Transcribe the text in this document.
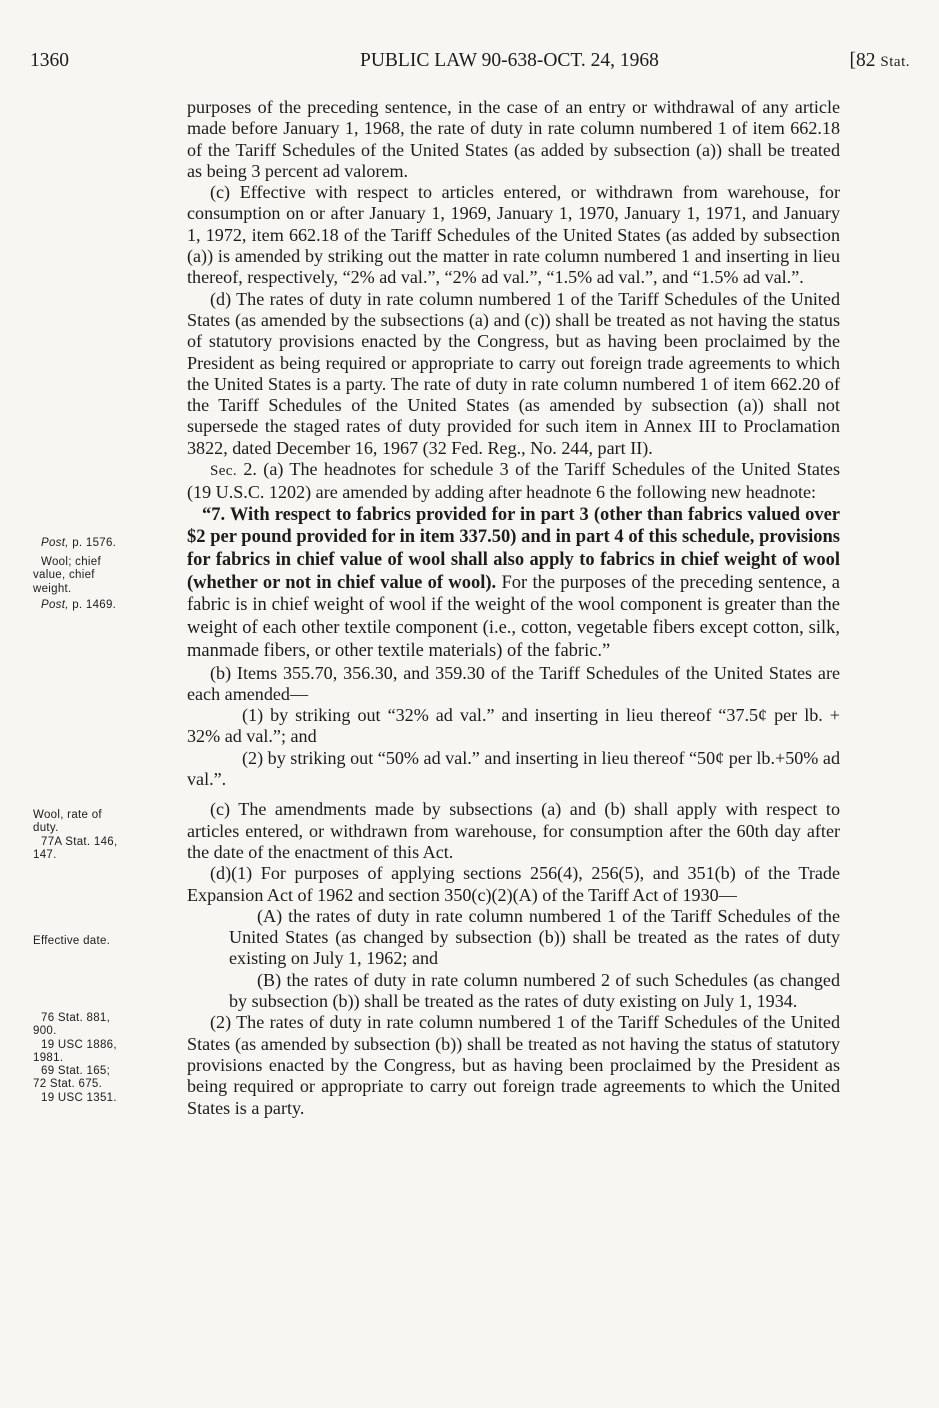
1360	PUBLIC LAW 90-638-OCT. 24, 1968	[82 Stat.
Post, p. 1576.
Wool; chief
value, chief
weight.
Post, p. 1469.
Wool, rate of
duty.
77A Stat. 146,
147.
Effective date.
76 Stat. 881,
900.
19 USC 1886,
1981.
69 Stat. 165;
72 Stat. 675.
19 USC 1351.

purposes of the preceding sentence, in the case of an entry or withdrawal of any article made before January 1, 1968, the rate of duty in rate column numbered 1 of item 662.18 of the Tariff Schedules of the United States (as added by subsection (a)) shall be treated as being 3 percent ad valorem.

(c) Effective with respect to articles entered, or withdrawn from warehouse, for consumption on or after January 1, 1969, January 1, 1970, January 1, 1971, and January 1, 1972, item 662.18 of the Tariff Schedules of the United States (as added by subsection (a)) is amended by striking out the matter in rate column numbered 1 and inserting in lieu thereof, respectively, “2% ad val.”, “2% ad val.”, “1.5% ad val.”, and “1.5% ad val.”.

(d) The rates of duty in rate column numbered 1 of the Tariff Schedules of the United States (as amended by the subsections (a) and (c)) shall be treated as not having the status of statutory provisions enacted by the Congress, but as having been proclaimed by the President as being required or appropriate to carry out foreign trade agreements to which the United States is a party. The rate of duty in rate column numbered 1 of item 662.20 of the Tariff Schedules of the United States (as amended by subsection (a)) shall not supersede the staged rates of duty provided for such item in Annex III to Proclamation 3822, dated December 16, 1967 (32 Fed. Reg., No. 244, part II).

Sec. 2. (a) The headnotes for schedule 3 of the Tariff Schedules of the United States (19 U.S.C. 1202) are amended by adding after headnote 6 the following new headnote:

“7. With respect to fabrics provided for in part 3 (other than fabrics valued over $2 per pound provided for in item 337.50) and in part 4 of this schedule, provisions for fabrics in chief value of wool shall also apply to fabrics in chief weight of wool (whether or not in chief value of wool). For the purposes of the preceding sentence, a fabric is in chief weight of wool if the weight of the wool component is greater than the weight of each other textile component (i.e., cotton, vegetable fibers except cotton, silk, manmade fibers, or other textile materials) of the fabric.”

(b) Items 355.70, 356.30, and 359.30 of the Tariff Schedules of the United States are each amended—

(1) by striking out “32% ad val.” and inserting in lieu thereof “37.5¢ per lb. + 32% ad val.”; and

(2) by striking out “50% ad val.” and inserting in lieu thereof “50¢ per lb.+50% ad val.”.

(c) The amendments made by subsections (a) and (b) shall apply with respect to articles entered, or withdrawn from warehouse, for consumption after the 60th day after the date of the enactment of this Act.

(d)(1) For purposes of applying sections 256(4), 256(5), and 351(b) of the Trade Expansion Act of 1962 and section 350(c)(2)(A) of the Tariff Act of 1930—

(A) the rates of duty in rate column numbered 1 of the Tariff Schedules of the United States (as changed by subsection (b)) shall be treated as the rates of duty existing on July 1, 1962; and

(B) the rates of duty in rate column numbered 2 of such Schedules (as changed by subsection (b)) shall be treated as the rates of duty existing on July 1, 1934.

(2) The rates of duty in rate column numbered 1 of the Tariff Schedules of the United States (as amended by subsection (b)) shall be treated as not having the status of statutory provisions enacted by the Congress, but as having been proclaimed by the President as being required or appropriate to carry out foreign trade agreements to which the United States is a party.
